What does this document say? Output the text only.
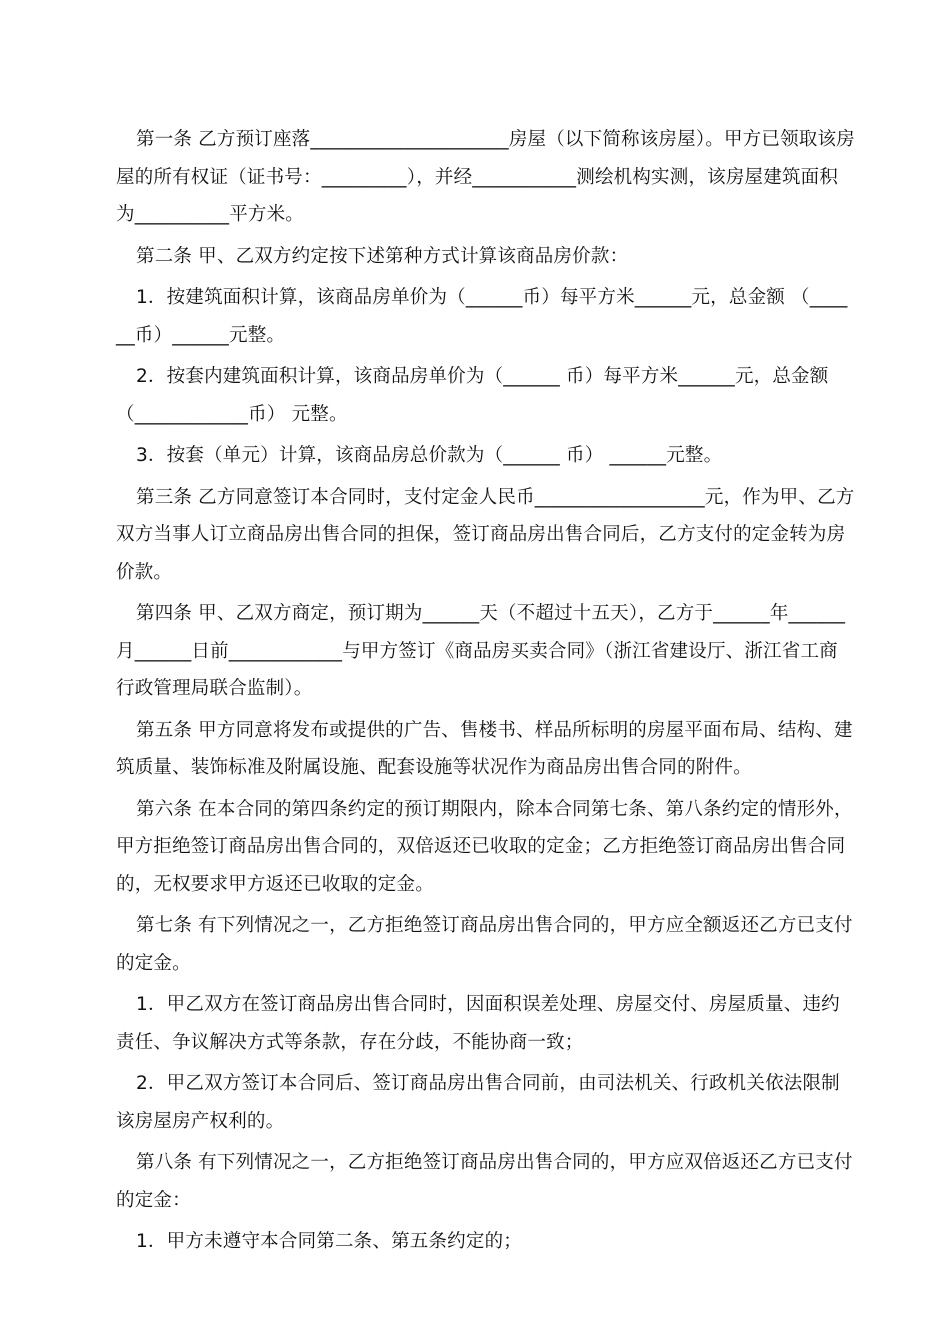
第一条 乙方预订座落_____________________房屋（以下简称该房屋）。甲方已领取该房屋的所有权证（证书号：_________），并经___________测绘机构实测，该房屋建筑面积为__________平方米。

第二条 甲、乙双方约定按下述第种方式计算该商品房价款：

1．按建筑面积计算，该商品房单价为（______币）每平方米______元，总金额 （______币）______元整。

2．按套内建筑面积计算，该商品房单价为（______ 币）每平方米______元，总金额（____________币） 元整。

3．按套（单元）计算，该商品房总价款为（______ 币） ______元整。

第三条 乙方同意签订本合同时，支付定金人民币__________________元，作为甲、乙方双方当事人订立商品房出售合同的担保，签订商品房出售合同后，乙方支付的定金转为房价款。

第四条 甲、乙双方商定，预订期为______天（不超过十五天），乙方于______年______月______日前____________与甲方签订《商品房买卖合同》（浙江省建设厅、浙江省工商行政管理局联合监制）。

第五条 甲方同意将发布或提供的广告、售楼书、样品所标明的房屋平面布局、结构、建筑质量、装饰标准及附属设施、配套设施等状况作为商品房出售合同的附件。

第六条 在本合同的第四条约定的预订期限内，除本合同第七条、第八条约定的情形外，甲方拒绝签订商品房出售合同的，双倍返还已收取的定金；乙方拒绝签订商品房出售合同的，无权要求甲方返还已收取的定金。

第七条 有下列情况之一，乙方拒绝签订商品房出售合同的，甲方应全额返还乙方已支付的定金。

1．甲乙双方在签订商品房出售合同时，因面积误差处理、房屋交付、房屋质量、违约责任、争议解决方式等条款，存在分歧，不能协商一致；

2．甲乙双方签订本合同后、签订商品房出售合同前，由司法机关、行政机关依法限制该房屋房产权利的。

第八条 有下列情况之一，乙方拒绝签订商品房出售合同的，甲方应双倍返还乙方已支付的定金：

1．甲方未遵守本合同第二条、第五条约定的；
